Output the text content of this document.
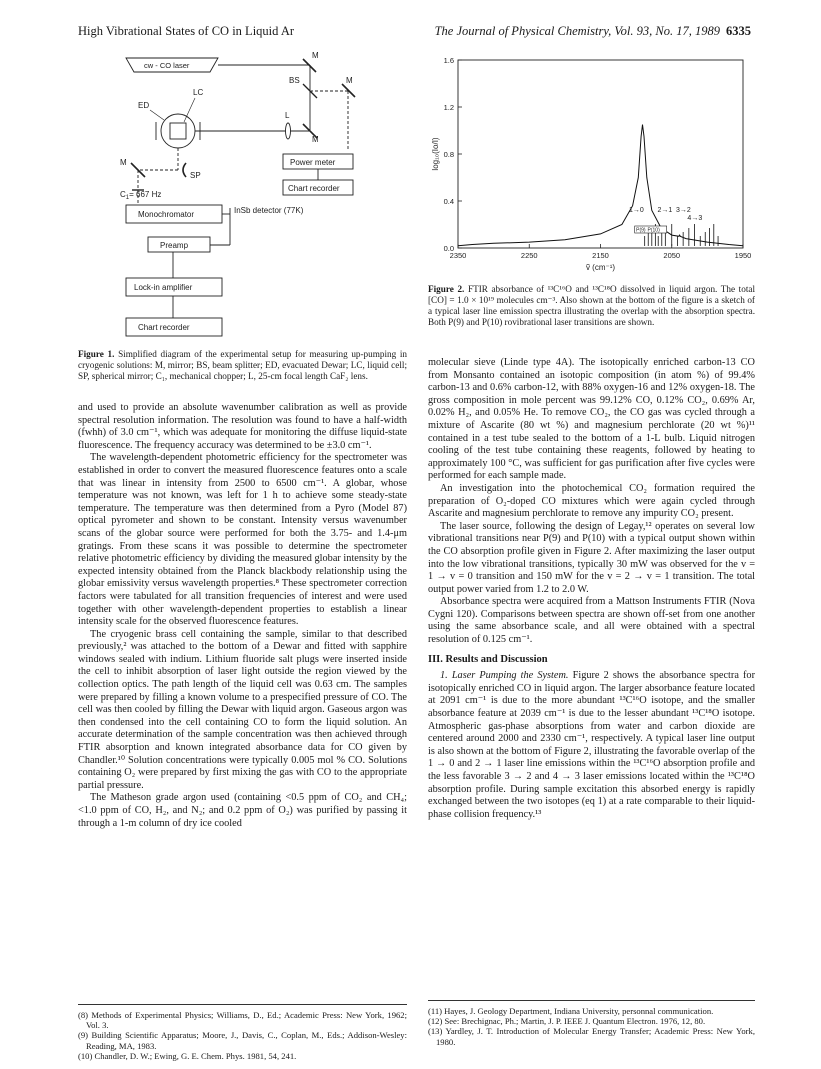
High Vibrational States of CO in Liquid Ar	The Journal of Physical Chemistry, Vol. 93, No. 17, 1989 6335
cw - CO laser
M
BS	M
M
L
ED
LC
M
SP
$C_1= 667$ Hz
Power meter
Chart recorder
Monochromator	InSb detector (77K)
Preamp
Lock-in amplifier
Chart recorder
Figure 1. Simplified diagram of the experimental setup for measuring up-pumping in cryogenic solutions: M, mirror; BS, beam splitter; ED, evacuated Dewar; LC, liquid cell; SP, spherical mirror; C₁, mechanical chopper; L, 25-cm focal length CaF₂ lens.

and used to provide an absolute wavenumber calibration as well as provide spectral resolution information. The resolution was found to have a half-width (fwhh) of 3.0 cm⁻¹, which was adequate for monitoring the diffuse liquid-state fluorescence. The frequency accuracy was determined to be ±3.0 cm⁻¹.

The wavelength-dependent photometric efficiency for the spectrometer was established in order to convert the measured fluorescence features onto a scale that was linear in intensity from 2500 to 6500 cm⁻¹. A globar, whose temperature was not known, was left for 1 h to achieve some steady-state temperature. The temperature was then determined from a Pyro (Model 87) optical pyrometer and shown to be constant. Intensity versus wavenumber scans of the globar source were performed for both the 3.75- and 1.4-μm gratings. From these scans it was possible to determine the spectrometer relative photometric efficiency by dividing the measured globar intensity by the expected intensity obtained from the Planck blackbody relationship using the globar emissivity versus wavelength properties.⁸ These spectrometer correction factors were tabulated for all transition frequencies of interest and were used together with other wavelength-dependent properties to establish a linear intensity scale for the observed fluorescence features.

The cryogenic brass cell containing the sample, similar to that described previously,² was attached to the bottom of a Dewar and fitted with sapphire windows sealed with indium. Lithium fluoride salt plugs were inserted inside the cell to inhibit absorption of laser light outside the region viewed by the collection optics. The path length of the liquid cell was 0.63 cm. The samples were prepared by filling a known volume to a prespecified pressure of CO. The cell was then cooled by filling the Dewar with liquid argon. Gaseous argon was then condensed into the cell containing CO to form the liquid solution. An accurate determination of the sample concentration was then achieved through FTIR absorption and known integrated absorbance data for CO given by Chandler.¹⁰ Solution concentrations were typically 0.005 mol % CO. Solutions containing O₂ were prepared by first mixing the gas with CO to the appropriate partial pressure.

The Matheson grade argon used (containing <0.5 ppm of CO₂ and CH₄; <1.0 ppm of CO, H₂, and N₂; and 0.2 ppm of O₂) was purified by passing it through a 1-m column of dry ice cooled

(8) Methods of Experimental Physics; Williams, D., Ed.; Academic Press: New York, 1962; Vol. 3.
(9) Building Scientific Apparatus; Moore, J., Davis, C., Coplan, M., Eds.; Addison-Wesley: Reading, MA, 1983.
(10) Chandler, D. W.; Ewing, G. E. Chem. Phys. 1981, 54, 241.
0.0
0.4
0.8
1.2
1.6
2350	2250	2150	2050	1950
ṽ (cm⁻¹)
log₁₀(Io/I)
1→0 2→1 3→2
4→3
P(9) P(10)
Figure 2. FTIR absorbance of ¹³C¹⁶O and ¹³C¹⁸O dissolved in liquid argon. The total [CO] = 1.0 × 10¹⁹ molecules cm⁻³. Also shown at the bottom of the figure is a sketch of a typical laser line emission spectra illustrating the overlap with the absorption spectra. Both P(9) and P(10) rovibrational laser transitions are shown.

molecular sieve (Linde type 4A). The isotopically enriched carbon-13 CO from Monsanto contained an isotopic composition (in atom %) of 99.4% carbon-13 and 0.6% carbon-12, with 88% oxygen-16 and 12% oxygen-18. The gross composition in mole percent was 99.12% CO, 0.12% CO₂, 0.69% Ar, 0.02% H₂, and 0.05% He. To remove CO₂, the CO gas was cycled through a mixture of Ascarite (80 wt %) and magnesium perchlorate (20 wt %)¹¹ contained in a test tube sealed to the bottom of a 1-L bulb. Liquid nitrogen cooling of the test tube containing these reagents, followed by heating to approximately 100 °C, was sufficient for gas purification after five cycles were performed for each sample made.

An investigation into the photochemical CO₂ formation required the preparation of O₂-doped CO mixtures which were again cycled through Ascarite and magnesium perchlorate to remove any impurity CO₂ present.

The laser source, following the design of Legay,¹² operates on several low vibrational transitions near P(9) and P(10) with a typical output shown within the CO absorption profile given in Figure 2. After maximizing the laser output into the low vibrational transitions, typically 30 mW was observed for the v = 1 → v = 0 transition and 150 mW for the v = 2 → v = 1 transition. The total output power varied from 1.2 to 2.0 W.

Absorbance spectra were acquired from a Mattson Instruments FTIR (Nova Cygni 120). Comparisons between spectra are shown off-set from one another using the same absorbance scale, and all were obtained with a spectral resolution of 0.125 cm⁻¹.

III. Results and Discussion

1. Laser Pumping the System. Figure 2 shows the absorbance spectra for isotopically enriched CO in liquid argon. The larger absorbance feature located at 2091 cm⁻¹ is due to the more abundant ¹³C¹⁶O isotope, and the smaller absorbance feature at 2039 cm⁻¹ is due to the lesser abundant ¹³C¹⁸O isotope. Atmospheric gas-phase absorptions from water and carbon dioxide are centered around 2000 and 2330 cm⁻¹, respectively. A typical laser line output is also shown at the bottom of Figure 2, illustrating the favorable overlap of the 1 → 0 and 2 → 1 laser line emissions within the ¹³C¹⁶O absorption profile and the less favorable 3 → 2 and 4 → 3 laser emissions located within the ¹³C¹⁸O absorption profile. During sample excitation this absorbed energy is rapidly exchanged between the two isotopes (eq 1) at a rate comparable to their liquid-phase collision frequency.¹³

(11) Hayes, J. Geology Department, Indiana University, personnal communication.
(12) See: Brechignac, Ph.; Martin, J. P. IEEE J. Quantum Electron. 1976, 12, 80.
(13) Yardley, J. T. Introduction of Molecular Energy Transfer; Academic Press: New York, 1980.
